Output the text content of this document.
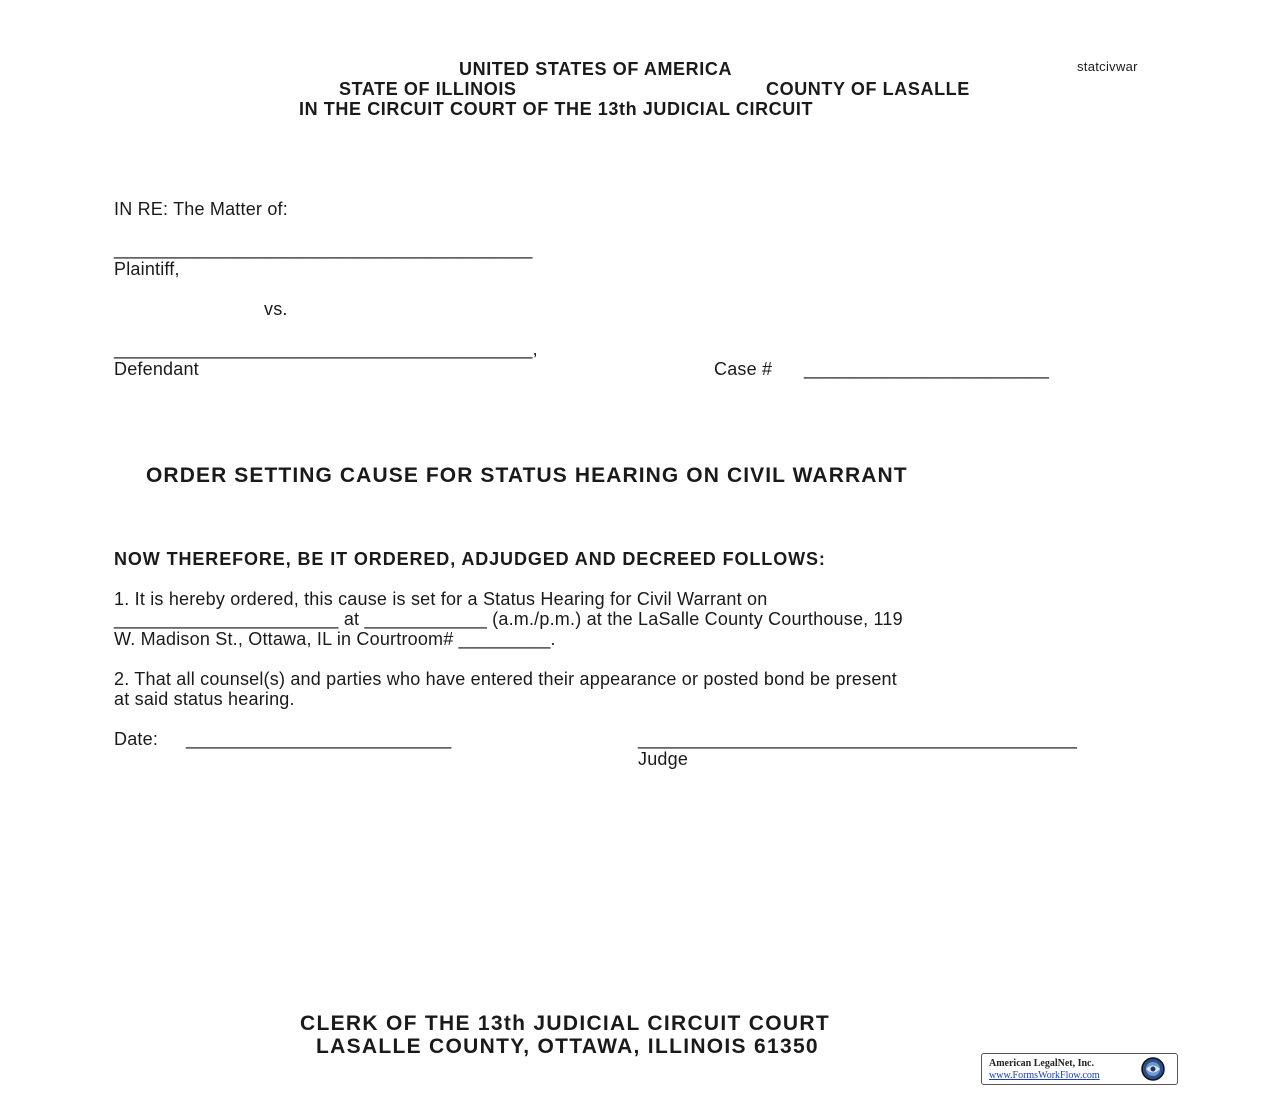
statcivwar
UNITED STATES OF AMERICA
STATE OF ILLINOIS	COUNTY OF LASALLE
IN THE CIRCUIT COURT OF THE 13th JUDICIAL CIRCUIT
IN RE: The Matter of:
_________________________________________
Plaintiff,
vs.
_________________________________________,
Defendant	Case # ________________________
ORDER SETTING CAUSE FOR STATUS HEARING ON CIVIL WARRANT
NOW THEREFORE, BE IT ORDERED, ADJUDGED AND DECREED FOLLOWS:
1. It is hereby ordered, this cause is set for a Status Hearing for Civil Warrant on
______________________ at ____________ (a.m./p.m.) at the LaSalle County Courthouse, 119
W. Madison St., Ottawa, IL in Courtroom# _________.
2. That all counsel(s) and parties who have entered their appearance or posted bond be present
at said status hearing.
Date: __________________________	___________________________________________
Judge
CLERK OF THE 13th JUDICIAL CIRCUIT COURT
LASALLE COUNTY, OTTAWA, ILLINOIS 61350
American LegalNet, Inc.
www.FormsWorkFlow.com
